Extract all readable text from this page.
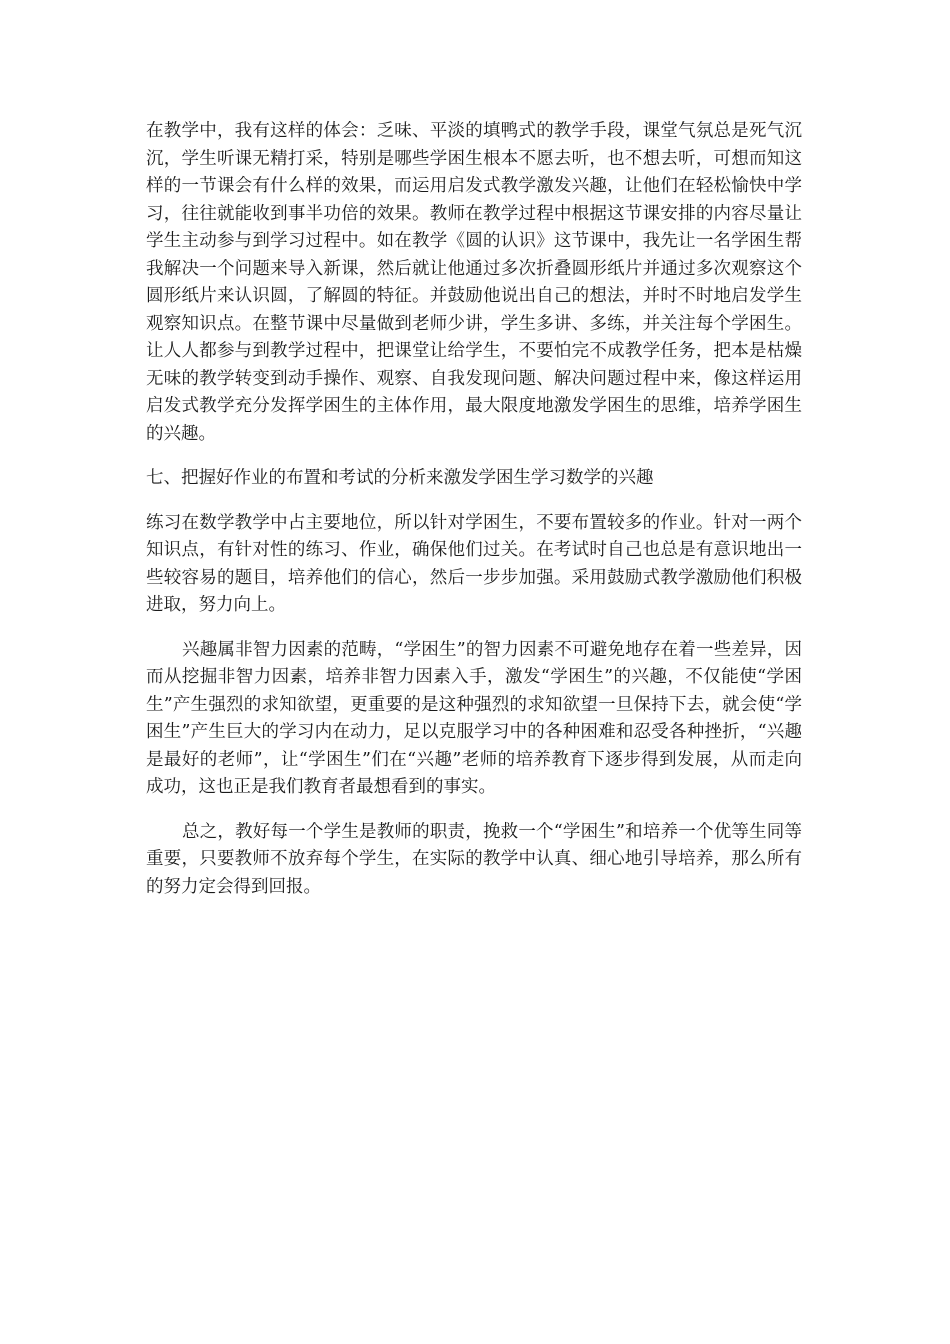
在教学中，我有这样的体会：乏味、平淡的填鸭式的教学手段，课堂气氛总是死气沉沉，学生听课无精打采，特别是哪些学困生根本不愿去听，也不想去听，可想而知这样的一节课会有什么样的效果，而运用启发式教学激发兴趣，让他们在轻松愉快中学习，往往就能收到事半功倍的效果。教师在教学过程中根据这节课安排的内容尽量让学生主动参与到学习过程中。如在教学《圆的认识》这节课中，我先让一名学困生帮我解决一个问题来导入新课，然后就让他通过多次折叠圆形纸片并通过多次观察这个圆形纸片来认识圆，了解圆的特征。并鼓励他说出自己的想法，并时不时地启发学生观察知识点。在整节课中尽量做到老师少讲，学生多讲、多练，并关注每个学困生。让人人都参与到教学过程中，把课堂让给学生，不要怕完不成教学任务，把本是枯燥无味的教学转变到动手操作、观察、自我发现问题、解决问题过程中来，像这样运用启发式教学充分发挥学困生的主体作用，最大限度地激发学困生的思维，培养学困生的兴趣。

七、把握好作业的布置和考试的分析来激发学困生学习数学的兴趣

练习在数学教学中占主要地位，所以针对学困生，不要布置较多的作业。针对一两个知识点，有针对性的练习、作业，确保他们过关。在考试时自己也总是有意识地出一些较容易的题目，培养他们的信心，然后一步步加强。采用鼓励式教学激励他们积极进取，努力向上。

兴趣属非智力因素的范畴，“学困生”的智力因素不可避免地存在着一些差异，因而从挖掘非智力因素，培养非智力因素入手，激发“学困生”的兴趣，不仅能使“学困生”产生强烈的求知欲望，更重要的是这种强烈的求知欲望一旦保持下去，就会使“学困生”产生巨大的学习内在动力，足以克服学习中的各种困难和忍受各种挫折，“兴趣是最好的老师”，让“学困生”们在“兴趣”老师的培养教育下逐步得到发展，从而走向成功，这也正是我们教育者最想看到的事实。

总之，教好每一个学生是教师的职责，挽救一个“学困生”和培养一个优等生同等重要，只要教师不放弃每个学生，在实际的教学中认真、细心地引导培养，那么所有的努力定会得到回报。
